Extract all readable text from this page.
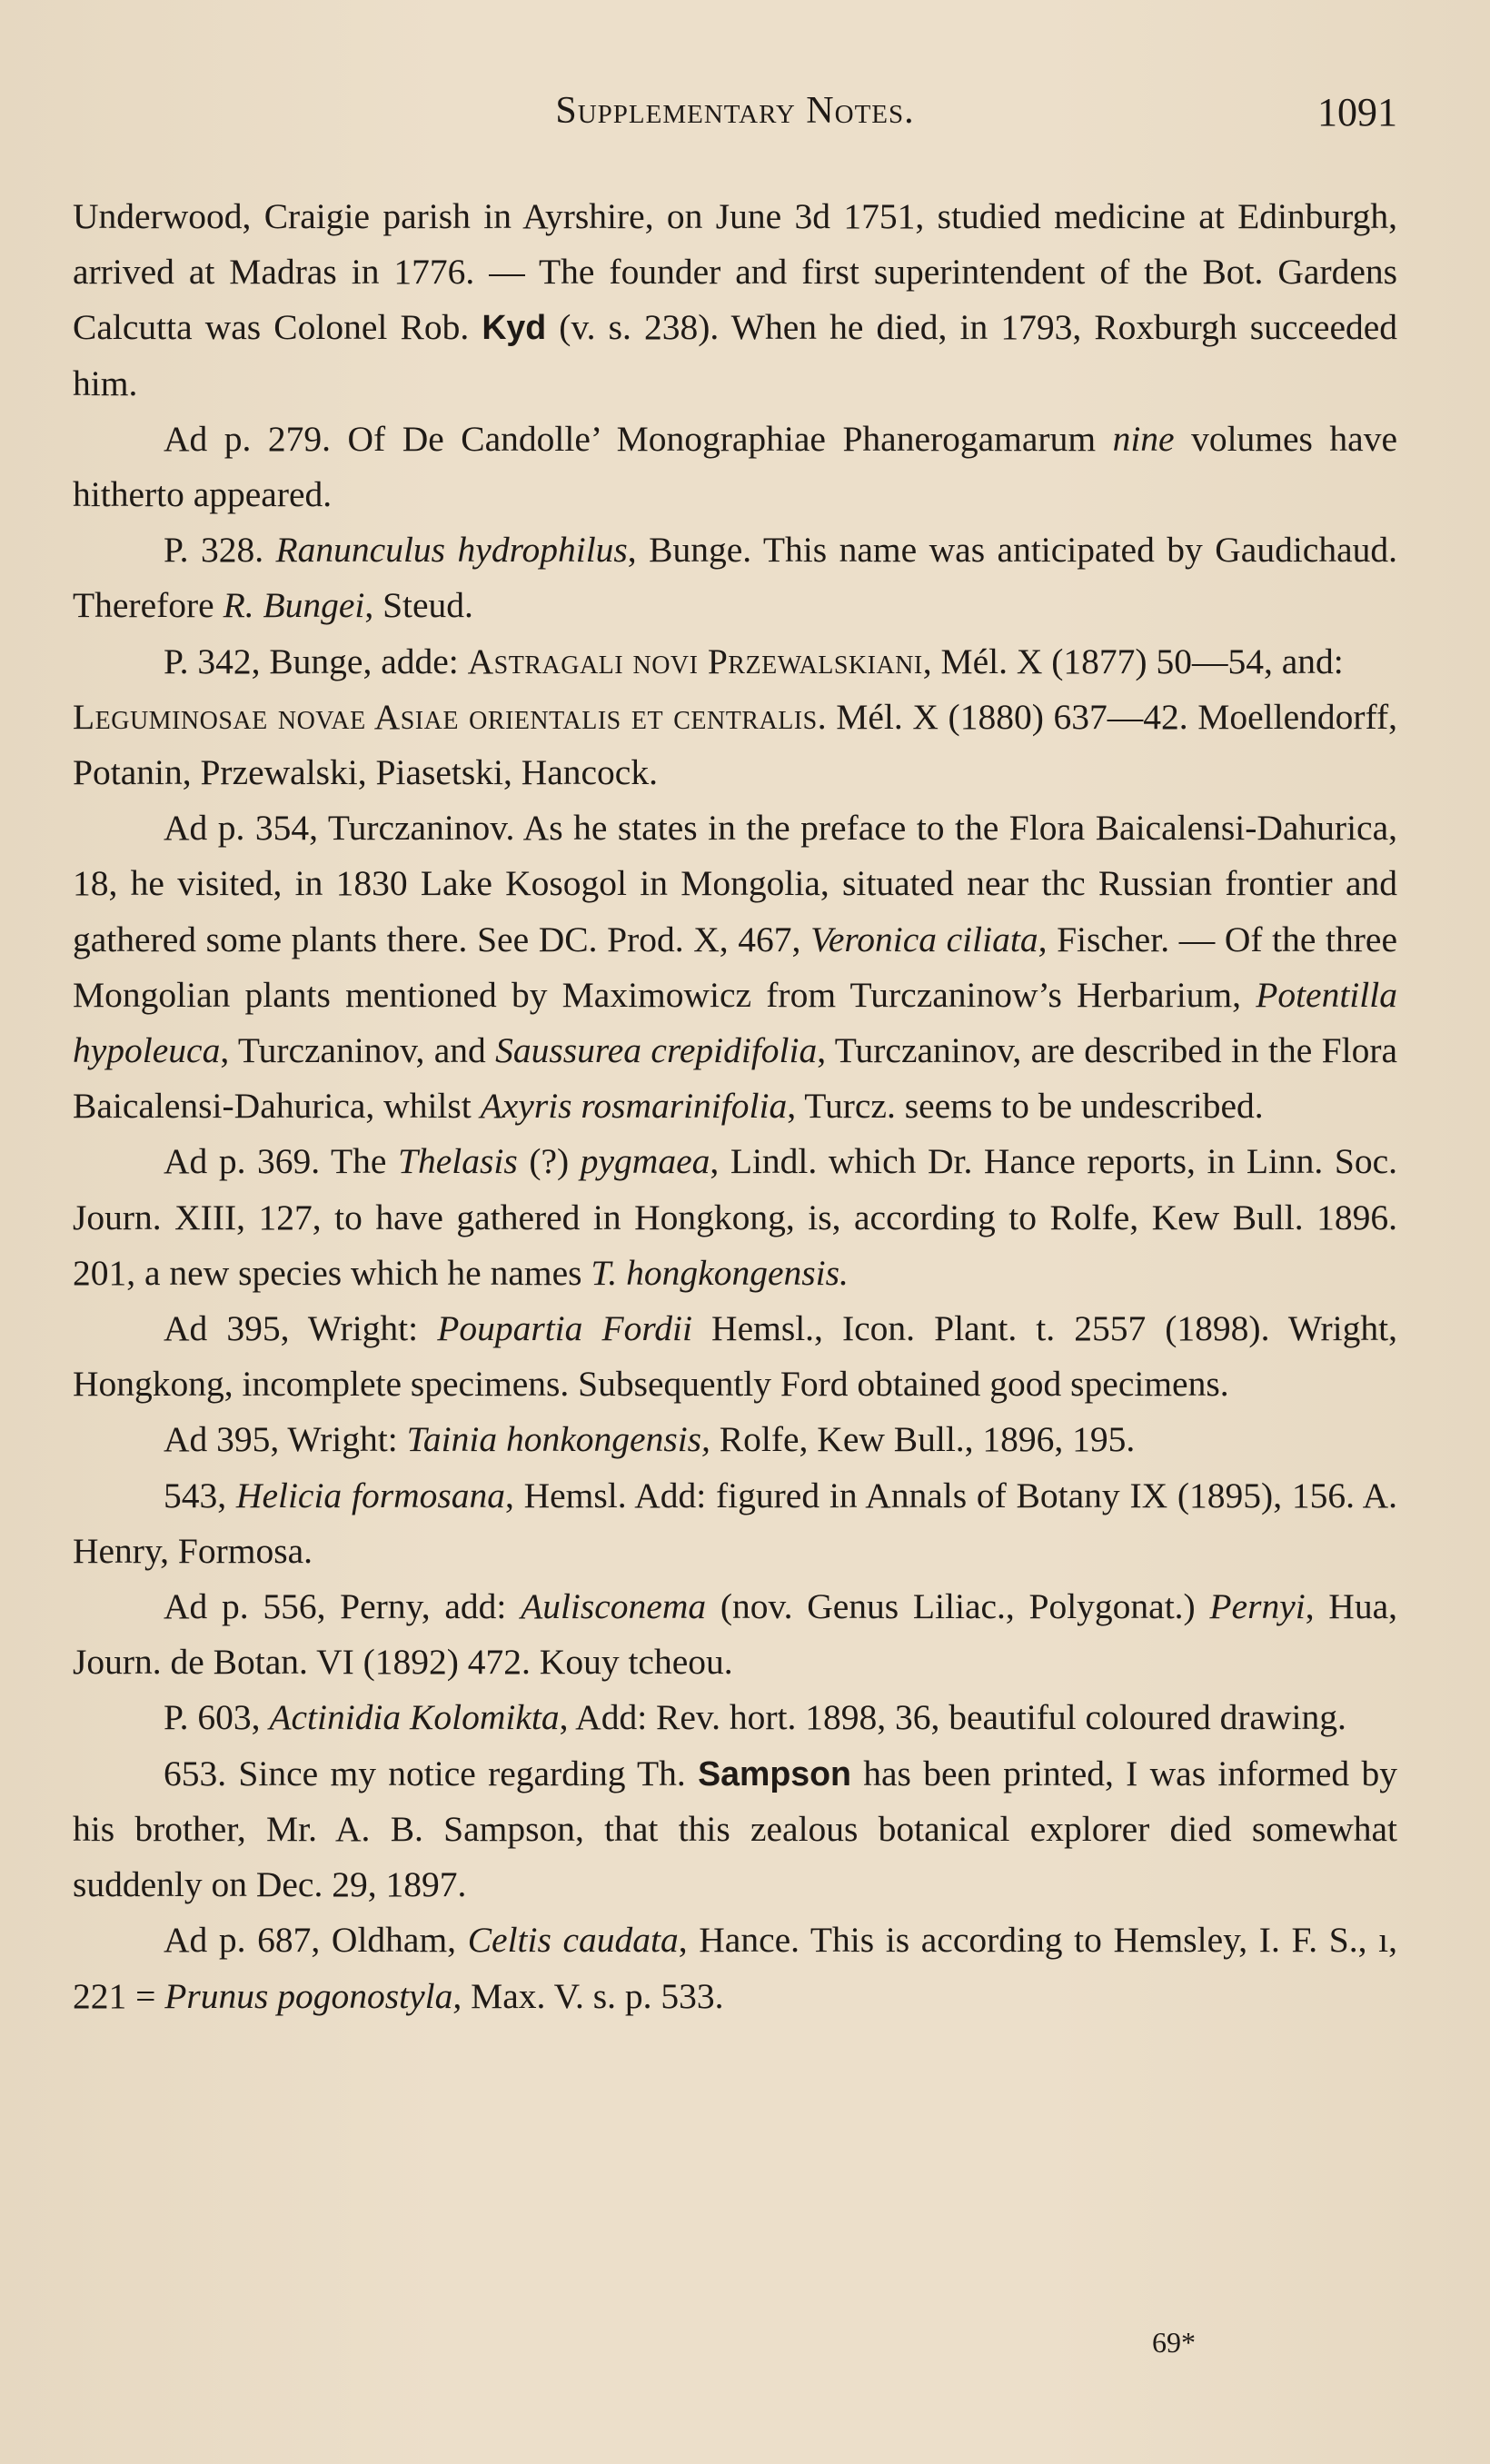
Supplementary Notes.	1091

Underwood, Craigie parish in Ayrshire, on June 3d 1751, studied medicine at Edinburgh, arrived at Madras in 1776. — The founder and first superintendent of the Bot. Gardens Calcutta was Colonel Rob. Kyd (v. s. 238). When he died, in 1793, Roxburgh succeeded him.

Ad p. 279. Of De Candolle’ Monographiae Phanerogamarum nine volumes have hitherto appeared.

P. 328. Ranunculus hydrophilus, Bunge. This name was anticipated by Gaudichaud. Therefore R. Bungei, Steud.

P. 342, Bunge, adde: Astragali novi Przewalskiani, Mél. X (1877) 50—54, and:

Leguminosae novae Asiae orientalis et centralis. Mél. X (1880) 637—42. Moellendorff, Potanin, Przewalski, Piasetski, Hancock.

Ad p. 354, Turczaninov. As he states in the preface to the Flora Baicalensi-Dahurica, 18, he visited, in 1830 Lake Kosogol in Mongolia, situated near thc Russian frontier and gathered some plants there. See DC. Prod. X, 467, Veronica ciliata, Fischer. — Of the three Mongolian plants mentioned by Maximowicz from Turczaninow’s Herbarium, Potentilla hypoleuca, Turczaninov, and Saussurea crepidifolia, Turczaninov, are described in the Flora Baicalensi-Dahurica, whilst Axyris rosmarinifolia, Turcz. seems to be undescribed.

Ad p. 369. The Thelasis (?) pygmaea, Lindl. which Dr. Hance reports, in Linn. Soc. Journ. XIII, 127, to have gathered in Hongkong, is, according to Rolfe, Kew Bull. 1896. 201, a new species which he names T. hongkongensis.

Ad 395, Wright: Poupartia Fordii Hemsl., Icon. Plant. t. 2557 (1898). Wright, Hongkong, incomplete specimens. Subsequently Ford obtained good specimens.

Ad 395, Wright: Tainia honkongensis, Rolfe, Kew Bull., 1896, 195.

543, Helicia formosana, Hemsl. Add: figured in Annals of Botany IX (1895), 156. A. Henry, Formosa.

Ad p. 556, Perny, add: Aulisconema (nov. Genus Liliac., Polygonat.) Pernyi, Hua, Journ. de Botan. VI (1892) 472. Kouy tcheou.

P. 603, Actinidia Kolomikta, Add: Rev. hort. 1898, 36, beautiful coloured drawing.

653. Since my notice regarding Th. Sampson has been printed, I was informed by his brother, Mr. A. B. Sampson, that this zealous botanical explorer died somewhat suddenly on Dec. 29, 1897.

Ad p. 687, Oldham, Celtis caudata, Hance. This is according to Hemsley, I. F. S., ı, 221 = Prunus pogonostyla, Max. V. s. p. 533.

69*
